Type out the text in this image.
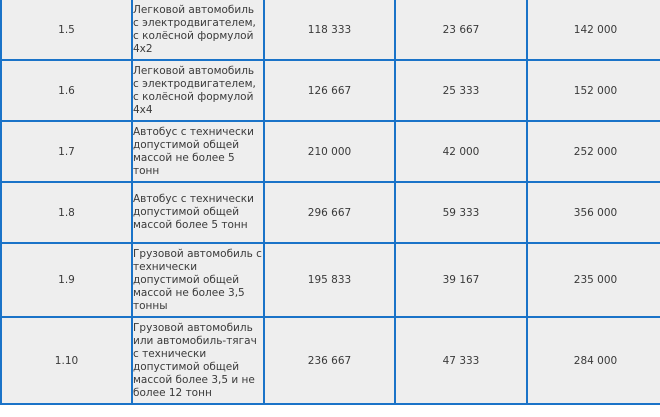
1.5	Легковой автомобиль с электродвигателем, с колёсной формулой 4x2	118 333	23 667	142 000
1.6	Легковой автомобиль с электродвигателем, с колёсной формулой 4x4	126 667	25 333	152 000
1.7	Автобус с технически допустимой общей массой не более 5 тонн	210 000	42 000	252 000
1.8	Автобус с технически допустимой общей массой более 5 тонн	296 667	59 333	356 000
1.9	Грузовой автомобиль с технически допустимой общей массой не более 3,5 тонны	195 833	39 167	235 000
1.10	Грузовой автомобиль или автомобиль-тягач с технически допустимой общей массой более 3,5 и не более 12 тонн	236 667	47 333	284 000
